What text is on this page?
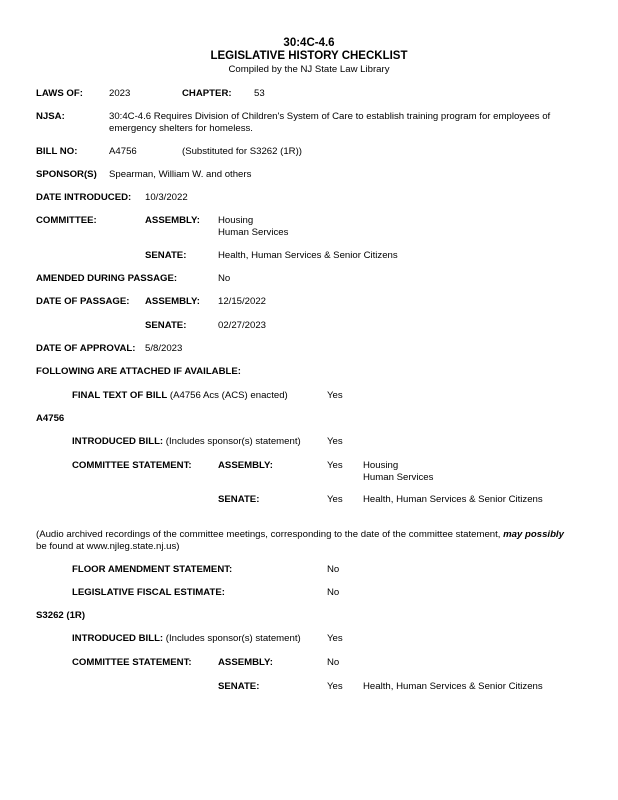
30:4C-4.6
LEGISLATIVE HISTORY CHECKLIST
Compiled by the NJ State Law Library
LAWS OF:	2023	CHAPTER: 53
NJSA:	30:4C-4.6 Requires Division of Children's System of Care to establish training program for employees of
emergency shelters for homeless.
BILL NO:	A4756	(Substituted for S3262 (1R))
SPONSOR(S) Spearman, William W. and others
DATE INTRODUCED: 10/3/2022
COMMITTEE:	ASSEMBLY: Housing
Human Services
SENATE:	Health, Human Services & Senior Citizens
AMENDED DURING PASSAGE:	No
DATE OF PASSAGE: ASSEMBLY: 12/15/2022
SENATE:	02/27/2023
DATE OF APPROVAL: 5/8/2023
FOLLOWING ARE ATTACHED IF AVAILABLE:
FINAL TEXT OF BILL (A4756 Acs (ACS) enacted)	Yes
A4756
INTRODUCED BILL: (Includes sponsor(s) statement)	Yes
COMMITTEE STATEMENT:	ASSEMBLY:	Yes Housing
Human Services
SENATE:	Yes Health, Human Services & Senior Citizens
(Audio archived recordings of the committee meetings, corresponding to the date of the committee statement, may possibly
be found at www.njleg.state.nj.us)
FLOOR AMENDMENT STATEMENT:	No
LEGISLATIVE FISCAL ESTIMATE:	No
S3262 (1R)
INTRODUCED BILL: (Includes sponsor(s) statement)	Yes
COMMITTEE STATEMENT:	ASSEMBLY:	No
SENATE:	Yes Health, Human Services & Senior Citizens
